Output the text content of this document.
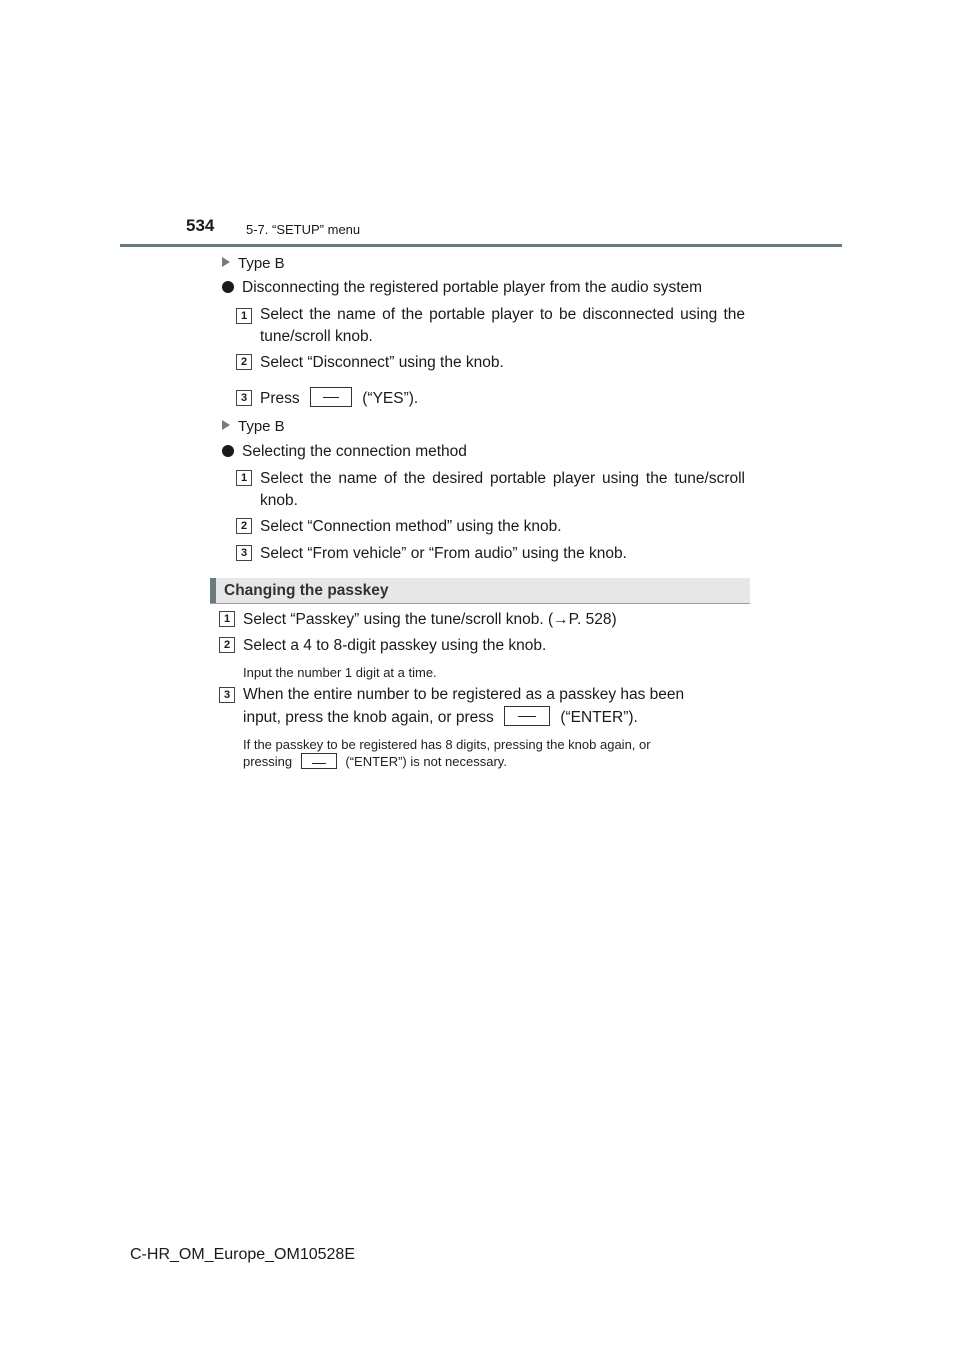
534 5-7. “SETUP” menu
Type B
Disconnecting the registered portable player from the audio system
1 Select the name of the portable player to be disconnected using the tune/scroll knob.
2 Select “Disconnect” using the knob.
3 Press	(“YES”).
Type B
Selecting the connection method
1 Select the name of the desired portable player using the tune/scroll knob.
2 Select “Connection method” using the knob.
3 Select “From vehicle” or “From audio” using the knob.
Changing the passkey
1 Select “Passkey” using the tune/scroll knob. (→P. 528)
2 Select a 4 to 8-digit passkey using the knob.
Input the number 1 digit at a time.
3 When the entire number to be registered as a passkey has been
input, press the knob again, or press	(“ENTER”).
If the passkey to be registered has 8 digits, pressing the knob again, or
pressing	(“ENTER”) is not necessary.
C-HR_OM_Europe_OM10528E
